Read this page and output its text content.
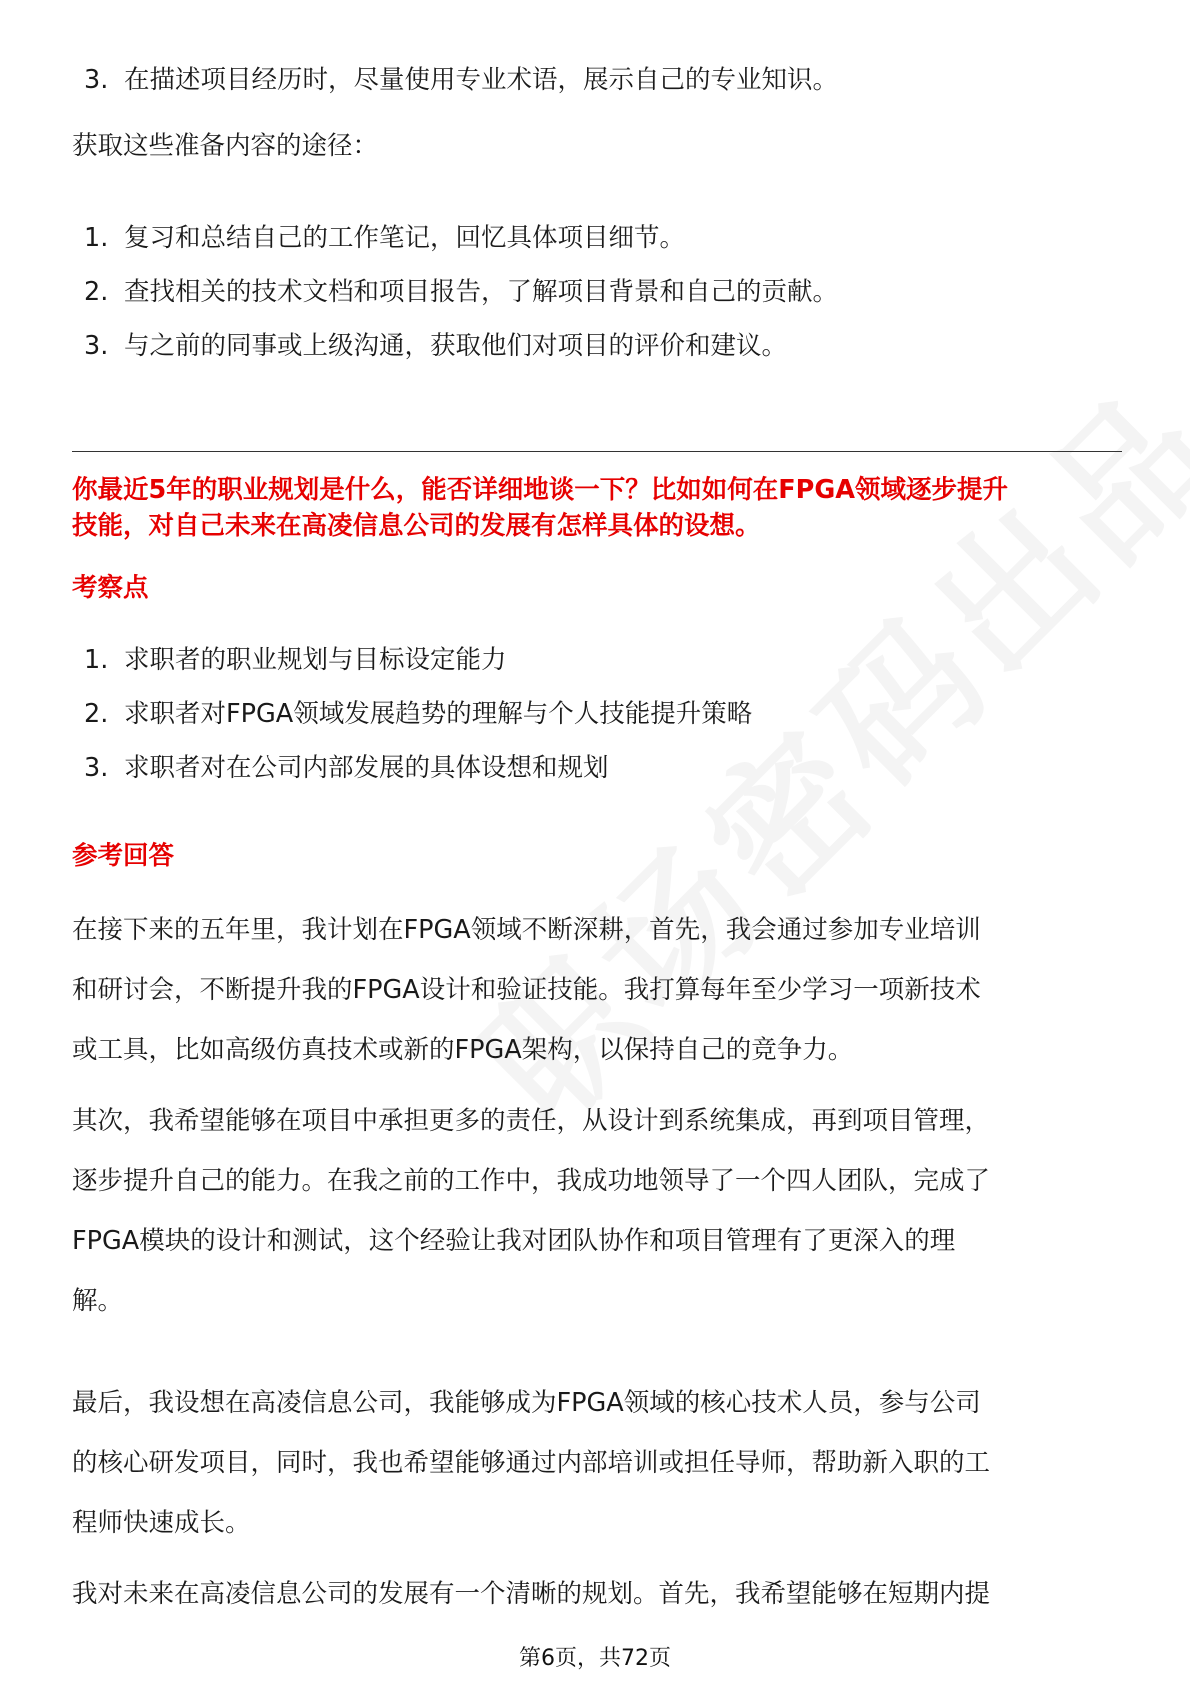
3. 在描述项目经历时，尽量使用专业术语，展示自己的专业知识。
获取这些准备内容的途径：
1. 复习和总结自己的工作笔记，回忆具体项目细节。
2. 查找相关的技术文档和项目报告，了解项目背景和自己的贡献。
3. 与之前的同事或上级沟通，获取他们对项目的评价和建议。
你最近5年的职业规划是什么，能否详细地谈一下？比如如何在FPGA领域逐步提升
技能，对自己未来在高凌信息公司的发展有怎样具体的设想。
考察点
1. 求职者的职业规划与目标设定能力
2. 求职者对FPGA领域发展趋势的理解与个人技能提升策略
3. 求职者对在公司内部发展的具体设想和规划
参考回答
在接下来的五年里，我计划在FPGA领域不断深耕，首先，我会通过参加专业培训
和研讨会，不断提升我的FPGA设计和验证技能。我打算每年至少学习一项新技术
或工具，比如高级仿真技术或新的FPGA架构，以保持自己的竞争力。
其次，我希望能够在项目中承担更多的责任，从设计到系统集成，再到项目管理，
逐步提升自己的能力。在我之前的工作中，我成功地领导了一个四人团队，完成了
FPGA模块的设计和测试，这个经验让我对团队协作和项目管理有了更深入的理
解。
最后，我设想在高凌信息公司，我能够成为FPGA领域的核心技术人员，参与公司
的核心研发项目，同时，我也希望能够通过内部培训或担任导师，帮助新入职的工
程师快速成长。
我对未来在高凌信息公司的发展有一个清晰的规划。首先，我希望能够在短期内提
第6页，共72页
